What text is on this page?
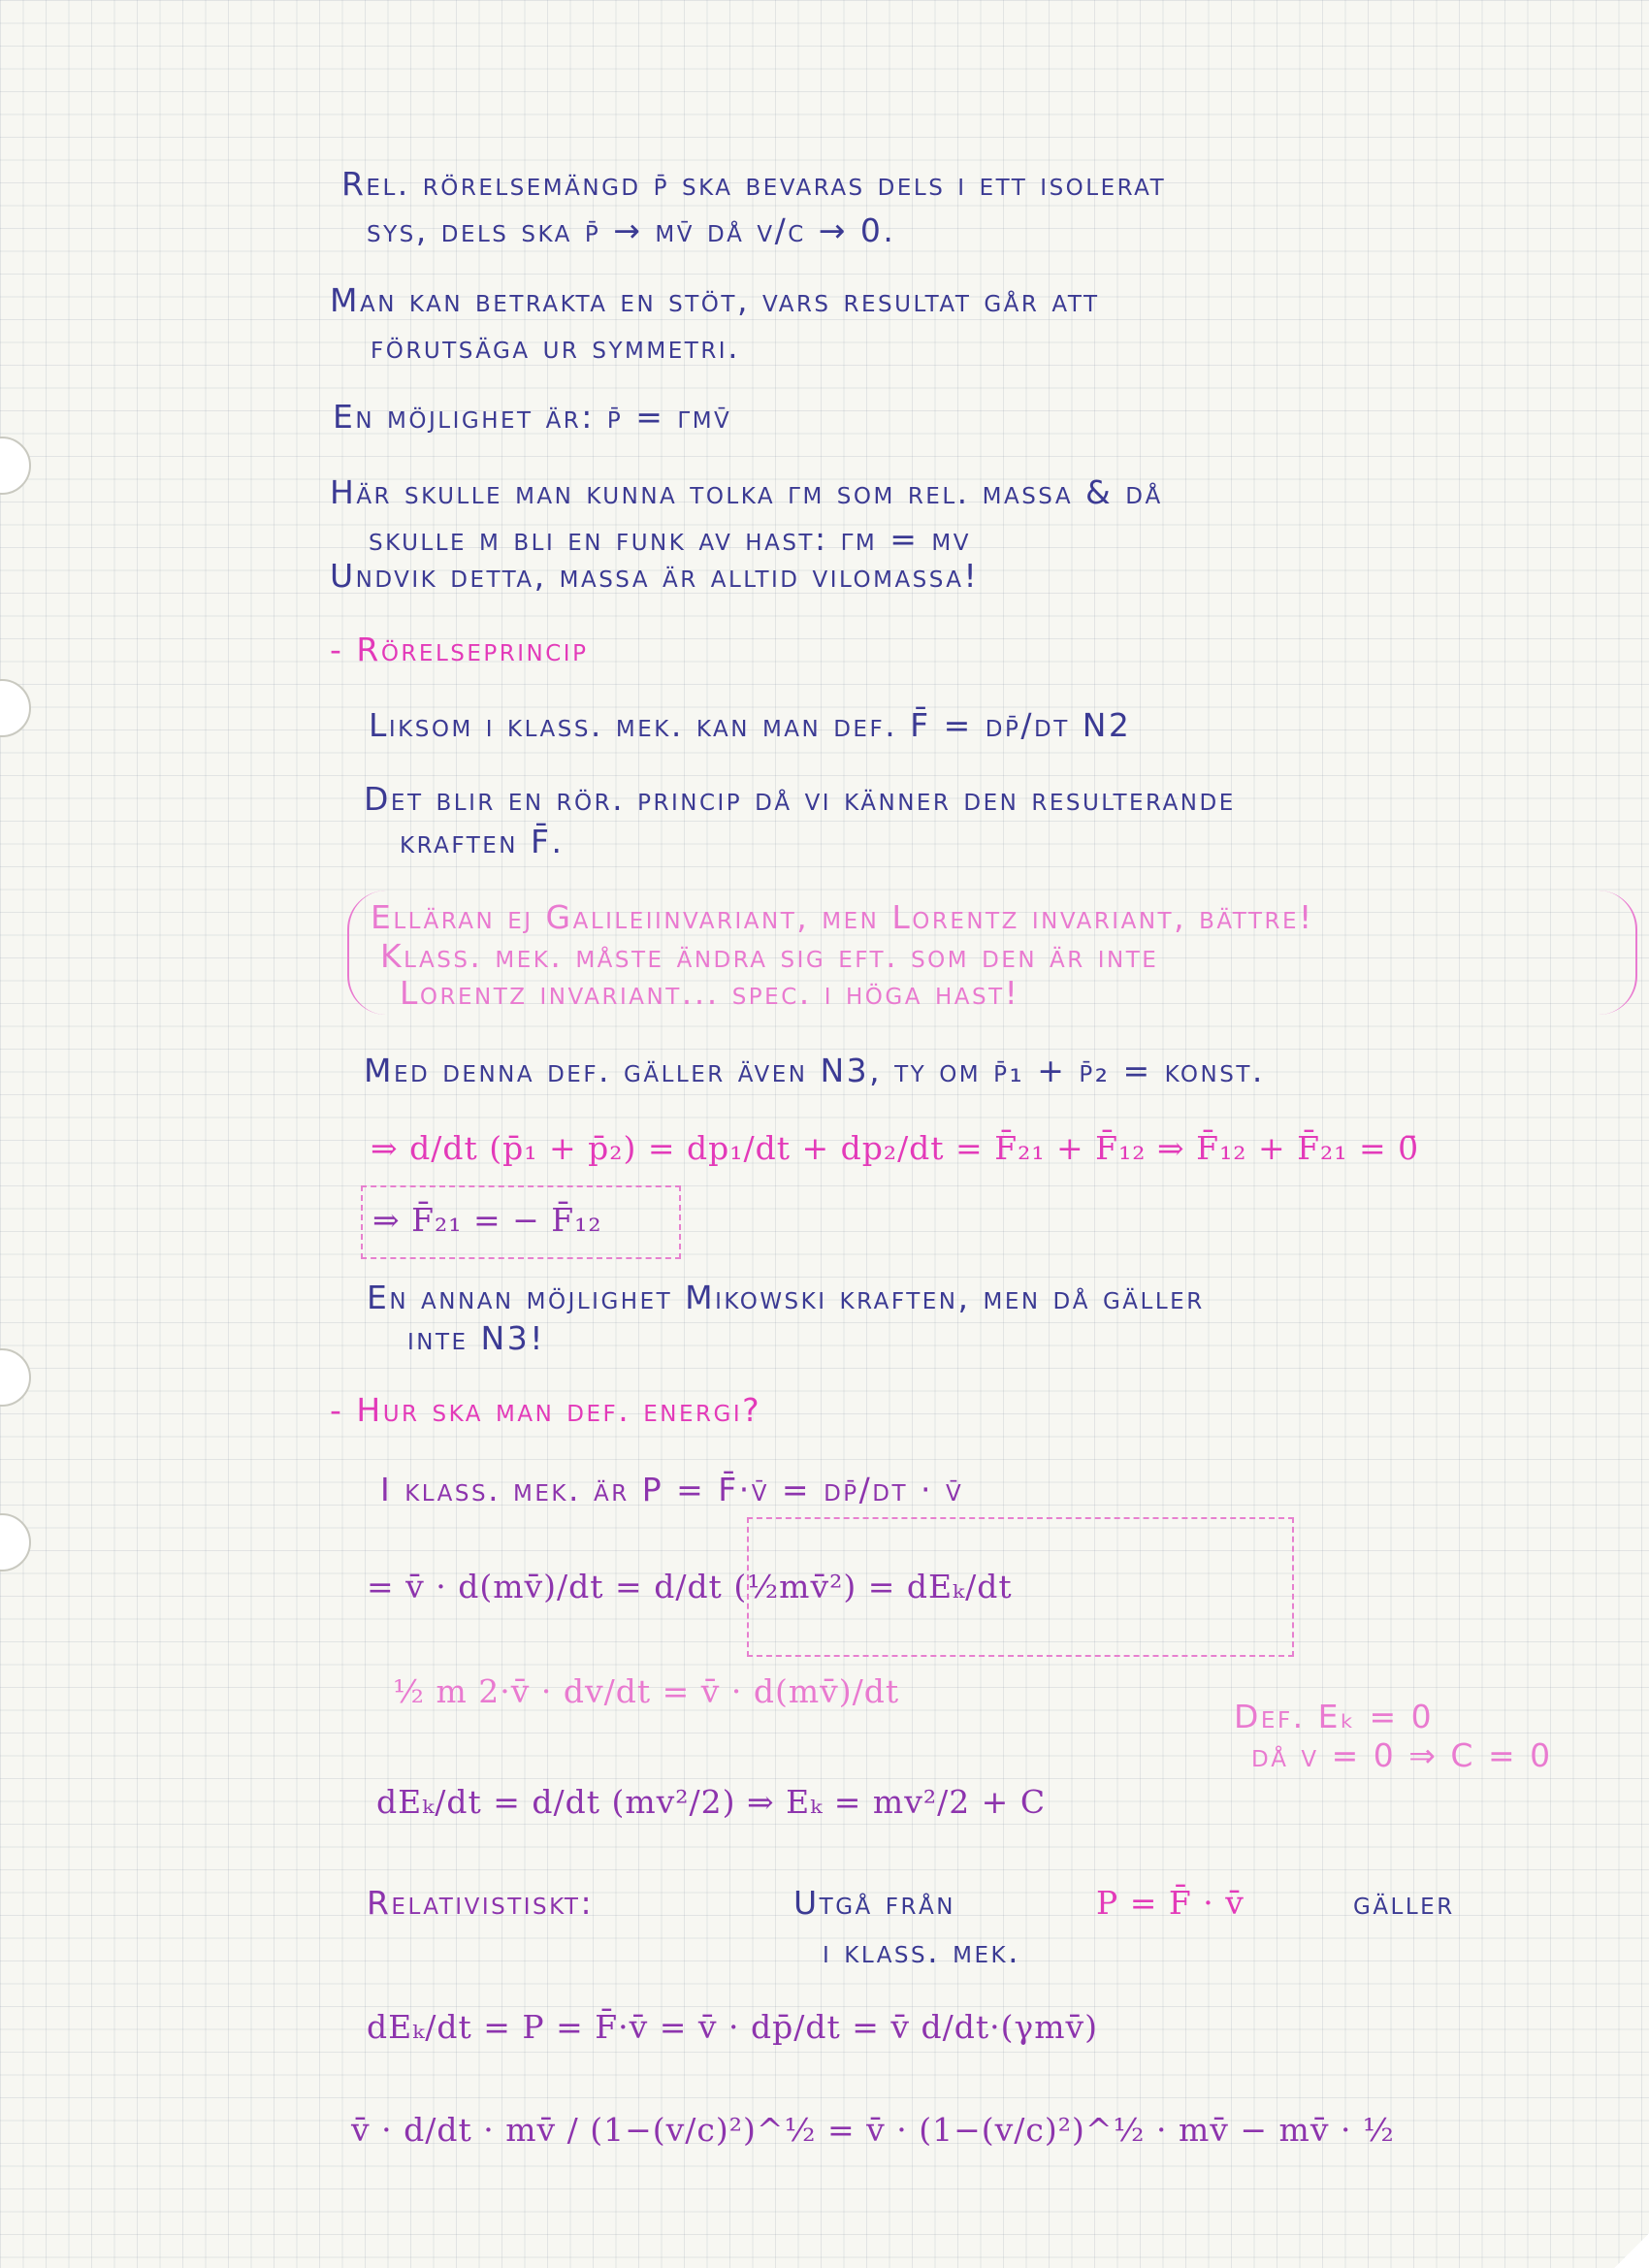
Rel. rörelsemängd p̄ ska bevaras dels i ett isolerat
sys, dels ska p̄ → mv̄ då v/c → 0.
Man kan betrakta en stöt, vars resultat går att
förutsäga ur symmetri.
En möjlighet är: p̄ = γmv̄
Här skulle man kunna tolka γm som rel. massa & då
skulle m bli en funk av hast: γm = mv
Undvik detta, massa är alltid vilomassa!
- Rörelseprincip
Liksom i klass. mek. kan man def. F̄ = dp̄/dt N2
Det blir en rör. princip då vi känner den resulterande
kraften F̄.
Elläran ej Galileiinvariant, men Lorentz invariant, bättre!
Klass. mek. måste ändra sig eft. som den är inte
Lorentz invariant... spec. i höga hast!
Med denna def. gäller även N3, ty om p̄₁ + p̄₂ = konst.
⇒ d/dt (p̄₁ + p̄₂) = dp₁/dt + dp₂/dt = F̄₂₁ + F̄₁₂ ⇒ F̄₁₂ + F̄₂₁ = 0̄
⇒ F̄₂₁ = − F̄₁₂
En annan möjlighet Mikowski kraften, men då gäller
inte N3!
- Hur ska man def. energi?
I klass. mek. är P = F̄·v̄ = dp̄/dt · v̄
= v̄ · d(mv̄)/dt = d/dt (½mv̄²) = dEₖ/dt
½ m 2·v̄ · dv/dt = v̄ · d(mv̄)/dt
Def. Eₖ = 0
då v = 0 ⇒ C = 0
dEₖ/dt = d/dt (mv²/2) ⇒ Eₖ = mv²/2 + C
Relativistiskt:	Utgå från	P = F̄ · v̄	gäller
i klass. mek.
dEₖ/dt = P = F̄·v̄ = v̄ · dp̄/dt = v̄ d/dt·(γmv̄)
v̄ · d/dt · mv̄ / (1−(v/c)²)^½ = v̄ · (1−(v/c)²)^½ · mv̄ − mv̄ · ½
